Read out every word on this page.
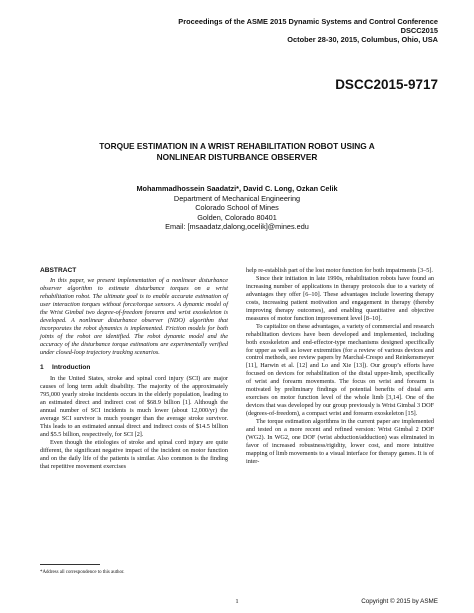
Proceedings of the ASME 2015 Dynamic Systems and Control Conference
DSCC2015
October 28-30, 2015, Columbus, Ohio, USA
DSCC2015-9717
TORQUE ESTIMATION IN A WRIST REHABILITATION ROBOT USING A
NONLINEAR DISTURBANCE OBSERVER
Mohammadhossein Saadatzi*, David C. Long, Ozkan Celik
Department of Mechanical Engineering
Colorado School of Mines
Golden, Colorado 80401
Email: [msaadatz,dalong,ocelik]@mines.edu
ABSTRACT

In this paper, we present implementation of a nonlinear disturbance observer algorithm to estimate disturbance torques on a wrist rehabilitation robot. The ultimate goal is to enable accurate estimation of user interaction torques without force/torque sensors. A dynamic model of the Wrist Gimbal two degree-of-freedom forearm and wrist exoskeleton is developed. A nonlinear disturbance observer (NDO) algorithm that incorporates the robot dynamics is implemented. Friction models for both joints of the robot are identified. The robot dynamic model and the accuracy of the disturbance torque estimations are experimentally verified under closed-loop trajectory tracking scenarios.

1 Introduction

In the United States, stroke and spinal cord injury (SCI) are major causes of long term adult disability. The majority of the approximately 795,000 yearly stroke incidents occurs in the elderly population, leading to an estimated direct and indirect cost of $68.9 billion [1]. Although the annual number of SCI incidents is much lower (about 12,000/yr) the average SCI survivor is much younger than the average stroke survivor. This leads to an estimated annual direct and indirect costs of $14.5 billion and $5.5 billion, respectively, for SCI [2].

Even though the etiologies of stroke and spinal cord injury are quite different, the significant negative impact of the incident on motor function and on the daily life of the patients is similar. Also common is the finding that repetitive movement exercises

help re-establish part of the lost motor function for both impairments [3–5].

Since their initiation in late 1990s, rehabilitation robots have found an increasing number of applications in therapy protocols due to a variety of advantages they offer [6–10]. These advantages include lowering therapy costs, increasing patient motivation and engagement in therapy (thereby improving therapy outcomes), and enabling quantitative and objective measures of motor function improvement level [8–10].

To capitalize on these advantages, a variety of commercial and research rehabilitation devices have been developed and implemented, including both exoskeleton and end-effector-type mechanisms designed specifically for upper as well as lower extremities (for a review of various devices and control methods, see review papers by Marchal-Crespo and Reinkensmeyer [11], Harwin et al. [12] and Lo and Xie [13]). Our group’s efforts have focused on devices for rehabilitation of the distal upper-limb, specifically of wrist and forearm movements. The focus on wrist and forearm is motivated by preliminary findings of potential benefits of distal arm exercises on motor function level of the whole limb [3,14]. One of the devices that was developed by our group previously is Wrist Gimbal 3 DOF (degrees-of-freedom), a compact wrist and forearm exoskeleton [15].

The torque estimation algorithms in the current paper are implemented and tested on a more recent and refined version: Wrist Gimbal 2 DOF (WG2). In WG2, one DOF (wrist abduction/adduction) was eliminated in favor of increased robustness/rigidity, lower cost, and more intuitive mapping of limb movements to a visual interface for therapy games. It is of inter-

*Address all correspondence to this author.
1	Copyright © 2015 by ASME
